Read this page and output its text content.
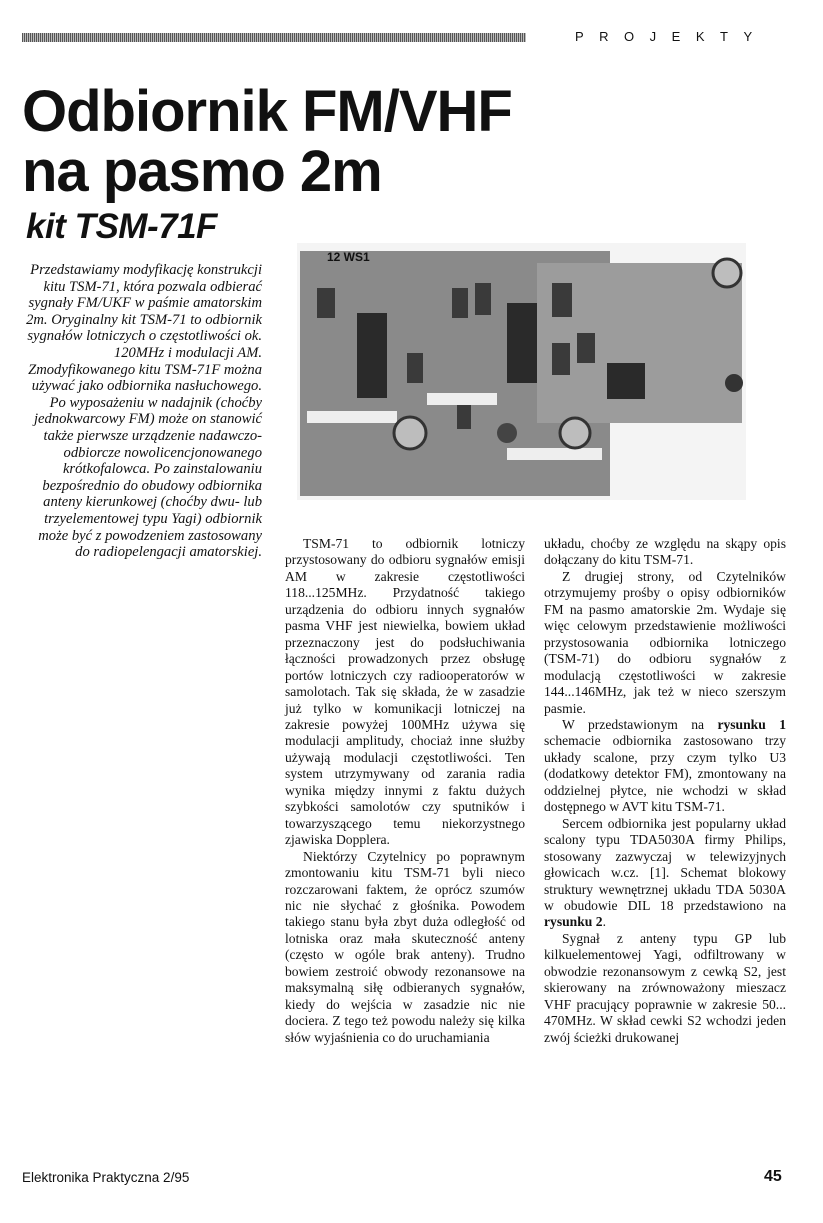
PROJEKTY
Odbiornik FM/VHF
na pasmo 2m
kit TSM-71F

Przedstawiamy modyfikację konstrukcji kitu TSM-71, która pozwala odbierać sygnały FM/UKF w paśmie amatorskim 2m. Oryginalny kit TSM-71 to odbiornik sygnałów lotniczych o częstotliwości ok. 120MHz i modulacji AM. Zmodyfikowanego kitu TSM-71F można używać jako odbiornika nasłuchowego. Po wyposażeniu w nadajnik (choćby jednokwarcowy FM) może on stanowić także pierwsze urządzenie nadawczo-odbiorcze nowolicencjonowanego krótkofalowca. Po zainstalowaniu bezpośrednio do obudowy odbiornika anteny kierunkowej (choćby dwu- lub trzyelementowej typu Yagi) odbiornik może być z powodzeniem zastosowany do radiopelengacji amatorskiej.

12 WS1

TSM-71 to odbiornik lotniczy przystosowany do odbioru sygnałów emisji AM w zakresie częstotliwości 118...125MHz. Przydatność takiego urządzenia do odbioru innych sygnałów pasma VHF jest niewielka, bowiem układ przeznaczony jest do podsłuchiwania łączności prowadzonych przez obsługę portów lotniczych czy radiooperatorów w samolotach. Tak się składa, że w zasadzie już tylko w komunikacji lotniczej na zakresie powyżej 100MHz używa się modulacji amplitudy, chociaż inne służby używają modulacji częstotliwości. Ten system utrzymywany od zarania radia wynika między innymi z faktu dużych szybkości samolotów czy sputników i towarzyszącego temu niekorzystnego zjawiska Dopplera.

Niektórzy Czytelnicy po poprawnym zmontowaniu kitu TSM-71 byli nieco rozczarowani faktem, że oprócz szumów nic nie słychać z głośnika. Powodem takiego stanu była zbyt duża odległość od lotniska oraz mała skuteczność anteny (często w ogóle brak anteny). Trudno bowiem zestroić obwody rezonansowe na maksymalną siłę odbieranych sygnałów, kiedy do wejścia w zasadzie nic nie dociera. Z tego też powodu należy się kilka słów wyjaśnienia co do uruchamiania

układu, choćby ze względu na skąpy opis dołączany do kitu TSM-71.

Z drugiej strony, od Czytelników otrzymujemy prośby o opisy odbiorników FM na pasmo amatorskie 2m. Wydaje się więc celowym przedstawienie możliwości przystosowania odbiornika lotniczego (TSM-71) do odbioru sygnałów z modulacją częstotliwości w zakresie 144...146MHz, jak też w nieco szerszym pasmie.

W przedstawionym na rysunku 1 schemacie odbiornika zastosowano trzy układy scalone, przy czym tylko U3 (dodatkowy detektor FM), zmontowany na oddzielnej płytce, nie wchodzi w skład dostępnego w AVT kitu TSM-71.

Sercem odbiornika jest popularny układ scalony typu TDA5030A firmy Philips, stosowany zazwyczaj w telewizyjnych głowicach w.cz. [1]. Schemat blokowy struktury wewnętrznej układu TDA 5030A w obudowie DIL 18 przedstawiono na rysunku 2.

Sygnał z anteny typu GP lub kilkuelementowej Yagi, odfiltrowany w obwodzie rezonansowym z cewką S2, jest skierowany na zrównoważony mieszacz VHF pracujący poprawnie w zakresie 50... 470MHz. W skład cewki S2 wchodzi jeden zwój ścieżki drukowanej

Elektronika Praktyczna 2/95	45
